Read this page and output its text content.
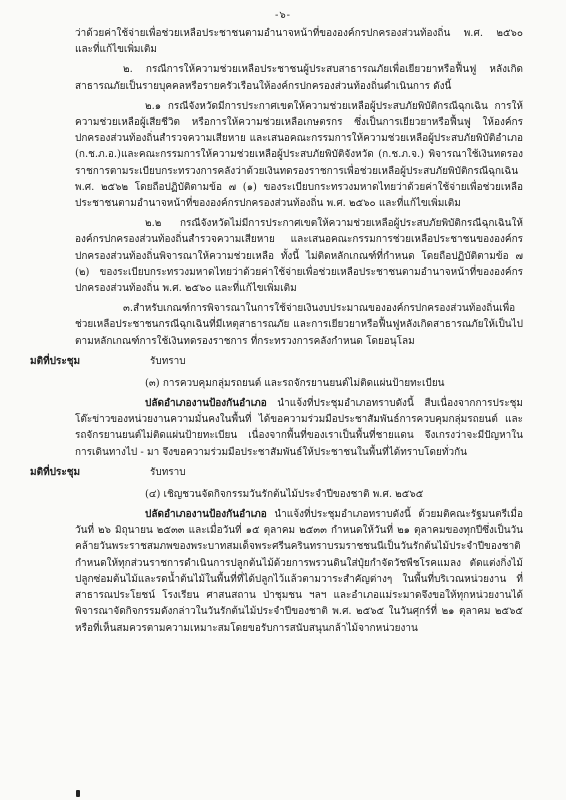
-๖-

ว่าด้วยค่าใช้จ่ายเพื่อช่วยเหลือประชาชนตามอำนาจหน้าที่ขององค์กรปกครองส่วนท้องถิ่น พ.ศ. ๒๕๖๐ และที่แก้ไขเพิ่มเติม

๒. กรณีการให้ความช่วยเหลือประชาชนผู้ประสบสาธารณภัยเพื่อเยียวยาหรือฟื้นฟู หลังเกิดสาธารณภัยเป็นรายบุคคลหรือรายครัวเรือนให้องค์กรปกครองส่วนท้องถิ่นดำเนินการ ดังนี้

๒.๑ กรณีจังหวัดมีการประกาศเขตให้ความช่วยเหลือผู้ประสบภัยพิบัติกรณีฉุกเฉิน การให้ความช่วยเหลือผู้เสียชีวิต หรือการให้ความช่วยเหลือเกษตรกร ซึ่งเป็นการเยียวยาหรือฟื้นฟู ให้องค์กรปกครองส่วนท้องถิ่นสำรวจความเสียหาย และเสนอคณะกรรมการให้ความช่วยเหลือผู้ประสบภัยพิบัติอำเภอ (ก.ช.ภ.อ.)และคณะกรรมการให้ความช่วยเหลือผู้ประสบภัยพิบัติจังหวัด (ก.ช.ภ.จ.) พิจารณาใช้เงินทดรองราชการตามระเบียบกระทรวงการคลังว่าด้วยเงินทดรองราชการเพื่อช่วยเหลือผู้ประสบภัยพิบัติกรณีฉุกเฉิน พ.ศ. ๒๕๖๒ โดยถือปฏิบัติตามข้อ ๗ (๑) ของระเบียบกระทรวงมหาดไทยว่าด้วยค่าใช้จ่ายเพื่อช่วยเหลือประชาชนตามอำนาจหน้าที่ขององค์กรปกครองส่วนท้องถิ่น พ.ศ. ๒๕๖๐ และที่แก้ไขเพิ่มเติม

๒.๒ กรณีจังหวัดไม่มีการประกาศเขตให้ความช่วยเหลือผู้ประสบภัยพิบัติกรณีฉุกเฉินให้องค์กรปกครองส่วนท้องถิ่นสำรวจความเสียหาย และเสนอคณะกรรมการช่วยเหลือประชาชนขององค์กรปกครองส่วนท้องถิ่นพิจารณาให้ความช่วยเหลือ ทั้งนี้ ไม่ติดหลักเกณฑ์ที่กำหนด โดยถือปฏิบัติตามข้อ ๗ (๒) ของระเบียบกระทรวงมหาดไทยว่าด้วยค่าใช้จ่ายเพื่อช่วยเหลือประชาชนตามอำนาจหน้าที่ขององค์กรปกครองส่วนท้องถิ่น พ.ศ. ๒๕๖๐ และที่แก้ไขเพิ่มเติม

๓.สำหรับเกณฑ์การพิจารณาในการใช้จ่ายเงินงบประมาณขององค์กรปกครองส่วนท้องถิ่นเพื่อช่วยเหลือประชาชนกรณีฉุกเฉินที่มีเหตุสาธารณภัย และการเยียวยาหรือฟื้นฟูหลังเกิดสาธารณภัยให้เป็นไปตามหลักเกณฑ์การใช้เงินทดรองราชการ ที่กระทรวงการคลังกำหนด โดยอนุโลม

มติที่ประชุม	รับทราบ

(๓) การควบคุมกลุ่มรถยนต์ และรถจักรยานยนต์ไม่ติดแผ่นป้ายทะเบียน

ปลัดอำเภองานป้องกันอำเภอ นำแจ้งที่ประชุมอำเภอทราบดังนี้ สืบเนื่องจากการประชุมโต๊ะข่าวของหน่วยงานความมั่นคงในพื้นที่ ได้ขอความร่วมมือประชาสัมพันธ์การควบคุมกลุ่มรถยนต์ และรถจักรยานยนต์ไม่ติดแผ่นป้ายทะเบียน เนื่องจากพื้นที่ของเราเป็นพื้นที่ชายแดน จึงเกรงว่าจะมีปัญหาในการเดินทางไป - มา จึงขอความร่วมมือประชาสัมพันธ์ให้ประชาชนในพื้นที่ได้ทราบโดยทั่วกัน

มติที่ประชุม	รับทราบ

(๔) เชิญชวนจัดกิจกรรมวันรักต้นไม้ประจำปีของชาติ พ.ศ. ๒๕๖๕

ปลัดอำเภองานป้องกันอำเภอ นำแจ้งที่ประชุมอำเภอทราบดังนี้ ด้วยมติคณะรัฐมนตรีเมื่อวันที่ ๒๖ มิถุนายน ๒๕๓๓ และเมื่อวันที่ ๑๕ ตุลาคม ๒๕๓๓ กำหนดให้วันที่ ๒๑ ตุลาคมของทุกปีซึ่งเป็นวันคล้ายวันพระราชสมภพของพระบาทสมเด็จพระศรีนครินทราบรมราชชนนีเป็นวันรักต้นไม้ประจำปีของชาติกำหนดให้ทุกส่วนราชการดำเนินการปลูกต้นไม้ด้วยการพรวนดินใส่ปุ๋ยกำจัดวัชพืชโรคแมลง ตัดแต่งกิ่งไม้ปลูกซ่อมต้นไม้และรดน้ำต้นไม้ในพื้นที่ที่ได้ปลูกไว้แล้วตามวาระสำคัญต่างๆ ในพื้นที่บริเวณหน่วยงาน ที่สาธารณประโยชน์ โรงเรียน ศาสนสถาน ป่าชุมชน ฯลฯ และอำเภอแม่ระมาดจึงขอให้ทุกหน่วยงานได้พิจารณาจัดกิจกรรมดังกล่าวในวันรักต้นไม้ประจำปีของชาติ พ.ศ. ๒๕๖๕ ในวันศุกร์ที่ ๒๑ ตุลาคม ๒๕๖๕ หรือที่เห็นสมควรตามความเหมาะสมโดยขอรับการสนับสนุนกล้าไม้จากหน่วยงาน
